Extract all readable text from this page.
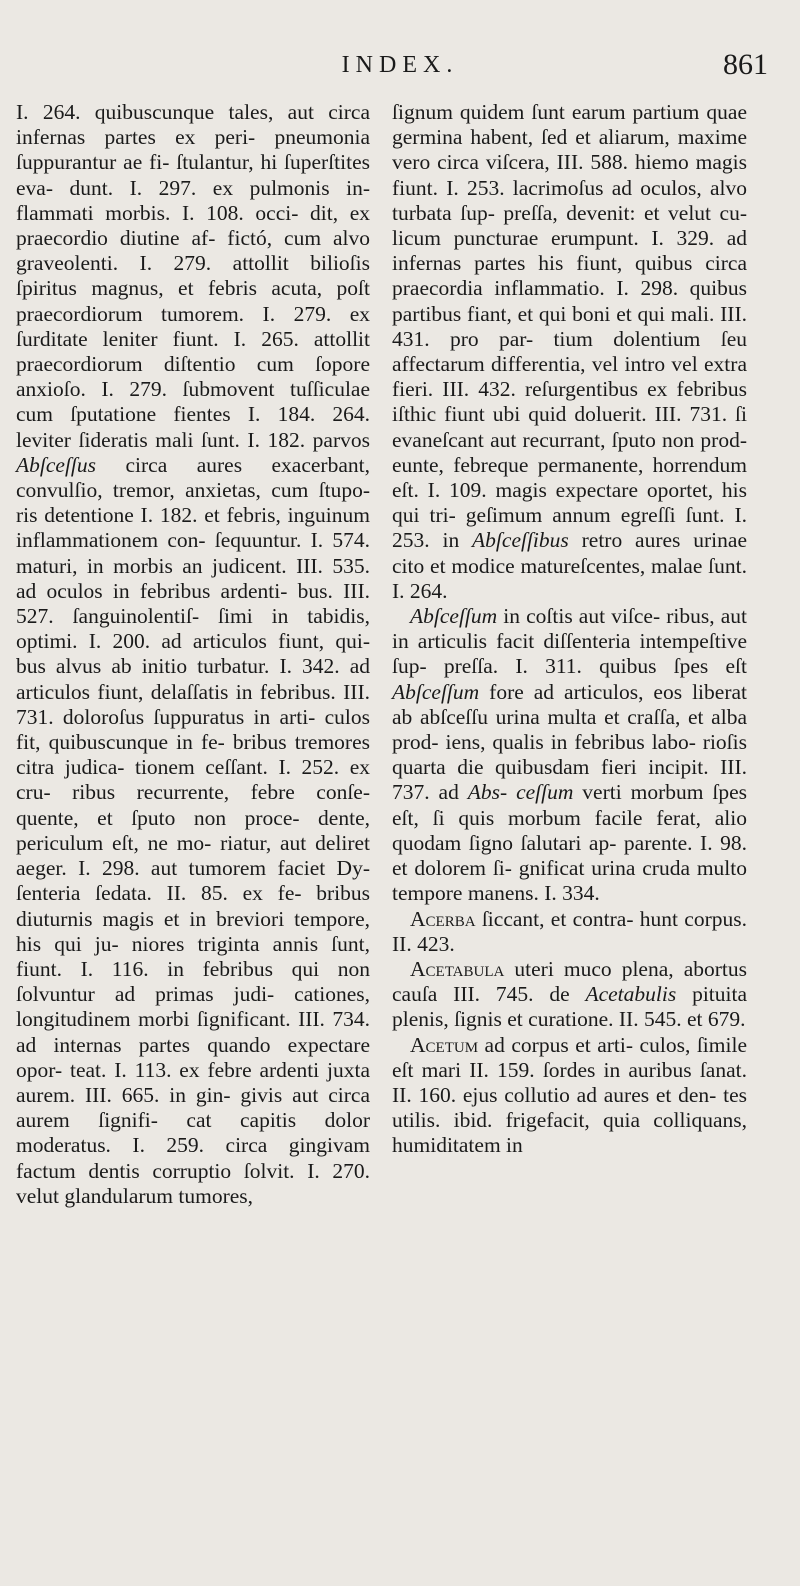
INDEX.	861

I. 264. quibuscunque tales, aut circa infernas partes ex peri- pneumonia ſuppurantur ae fi- ſtulantur, hi ſuperſtites eva- dunt. I. 297. ex pulmonis in- flammati morbis. I. 108. occi- dit, ex praecordio diutine af- fictó, cum alvo graveolenti. I. 279. attollit bilioſis ſpiritus magnus, et febris acuta, poſt praecordiorum tumorem. I. 279. ex ſurditate leniter fiunt. I. 265. attollit praecordiorum diſtentio cum ſopore anxioſo. I. 279. ſubmovent tuſſiculae cum ſputatione fientes I. 184. 264. leviter ſideratis mali ſunt. I. 182. parvos Abſceſſus circa aures exacerbant, convulſio, tremor, anxietas, cum ſtupo- ris detentione I. 182. et febris, inguinum inflammationem con- ſequuntur. I. 574. maturi, in morbis an judicent. III. 535. ad oculos in febribus ardenti- bus. III. 527. ſanguinolentiſ- ſimi in tabidis, optimi. I. 200. ad articulos fiunt, qui- bus alvus ab initio turbatur. I. 342. ad articulos fiunt, delaſſatis in febribus. III. 731. doloroſus ſuppuratus in arti- culos fit, quibuscunque in fe- bribus tremores citra judica- tionem ceſſant. I. 252. ex cru- ribus recurrente, febre conſe- quente, et ſputo non proce- dente, periculum eſt, ne mo- riatur, aut deliret aeger. I. 298. aut tumorem faciet Dy- ſenteria ſedata. II. 85. ex fe- bribus diuturnis magis et in breviori tempore, his qui ju- niores triginta annis ſunt, fiunt. I. 116. in febribus qui non ſolvuntur ad primas judi- cationes, longitudinem morbi ſignificant. III. 734. ad internas partes quando expectare opor- teat. I. 113. ex febre ardenti juxta aurem. III. 665. in gin- givis aut circa aurem ſignifi- cat capitis dolor moderatus. I. 259. circa gingivam factum dentis corruptio ſolvit. I. 270. velut glandularum tumores,

ſignum quidem ſunt earum partium quae germina habent, ſed et aliarum, maxime vero circa viſcera, III. 588. hiemo magis fiunt. I. 253. lacrimoſus ad oculos, alvo turbata ſup- preſſa, devenit: et velut cu- licum puncturae erumpunt. I. 329. ad infernas partes his fiunt, quibus circa praecordia inflammatio. I. 298. quibus partibus fiant, et qui boni et qui mali. III. 431. pro par- tium dolentium ſeu affectarum differentia, vel intro vel extra fieri. III. 432. reſurgentibus ex febribus iſthic fiunt ubi quid doluerit. III. 731. ſi evaneſcant aut recurrant, ſputo non prod- eunte, febreque permanente, horrendum eſt. I. 109. magis expectare oportet, his qui tri- geſimum annum egreſſi ſunt. I. 253. in Abſceſſibus retro aures urinae cito et modice matureſcentes, malae ſunt. I. 264.

Abſceſſum in coſtis aut viſce- ribus, aut in articulis facit diſſenteria intempeſtive ſup- preſſa. I. 311. quibus ſpes eſt Abſceſſum fore ad articulos, eos liberat ab abſceſſu urina multa et craſſa, et alba prod- iens, qualis in febribus labo- rioſis quarta die quibusdam fieri incipit. III. 737. ad Abs- ceſſum verti morbum ſpes eſt, ſi quis morbum facile ferat, alio quodam ſigno ſalutari ap- parente. I. 98. et dolorem ſi- gnificat urina cruda multo tempore manens. I. 334.

Acerba ſiccant, et contra- hunt corpus. II. 423.

Acetabula uteri muco plena, abortus cauſa III. 745. de Acetabulis pituita plenis, ſignis et curatione. II. 545. et 679.

Acetum ad corpus et arti- culos, ſimile eſt mari II. 159. ſordes in auribus ſanat. II. 160. ejus collutio ad aures et den- tes utilis. ibid. frigefacit, quia colliquans, humiditatem in
